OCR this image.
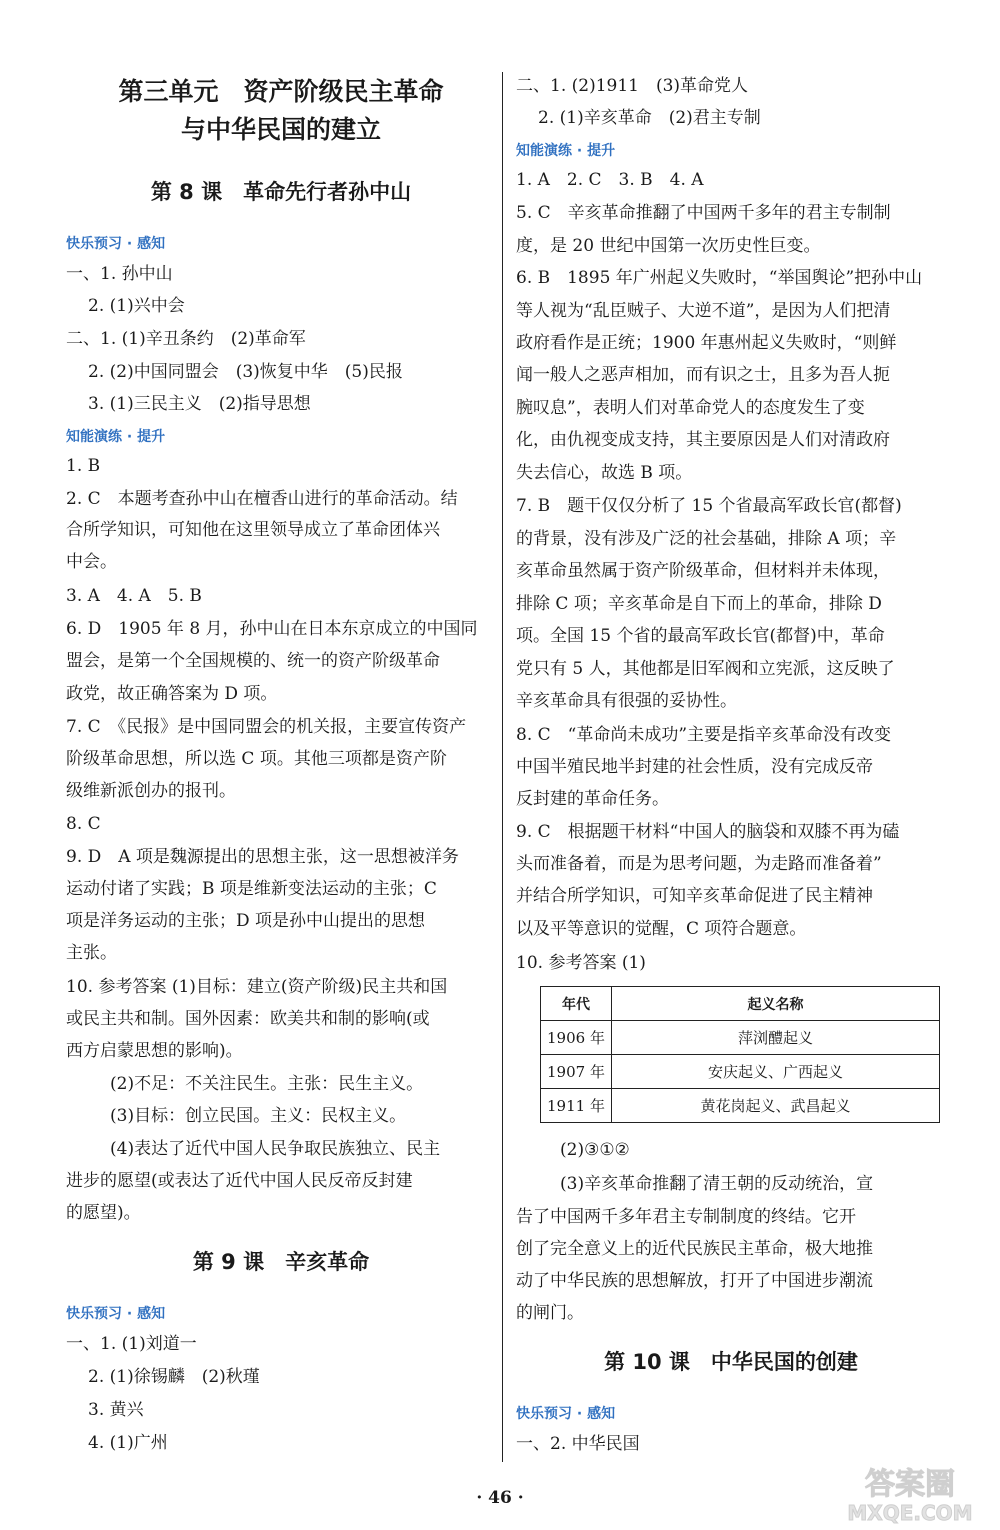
第三单元　资产阶级民主革命
与中华民国的建立
第 8 课　革命先行者孙中山
快乐预习 · 感知
一、1. 孙中山
2. (1)兴中会
二、1. (1)辛丑条约　(2)革命军
2. (2)中国同盟会　(3)恢复中华　(5)民报
3. (1)三民主义　(2)指导思想
知能演练 · 提升
1. B
2. C　本题考查孙中山在檀香山进行的革命活动。结
合所学知识，可知他在这里领导成立了革命团体兴
中会。
3. A　4. A　5. B
6. D　1905 年 8 月，孙中山在日本东京成立的中国同
盟会，是第一个全国规模的、统一的资产阶级革命
政党，故正确答案为 D 项。
7. C　《民报》是中国同盟会的机关报，主要宣传资产
阶级革命思想，所以选 C 项。其他三项都是资产阶
级维新派创办的报刊。
8. C
9. D　A 项是魏源提出的思想主张，这一思想被洋务
运动付诸了实践；B 项是维新变法运动的主张；C
项是洋务运动的主张；D 项是孙中山提出的思想
主张。
10. 参考答案 (1)目标：建立(资产阶级)民主共和国
或民主共和制。国外因素：欧美共和制的影响(或
西方启蒙思想的影响)。
(2)不足：不关注民生。主张：民生主义。
(3)目标：创立民国。主义：民权主义。
(4)表达了近代中国人民争取民族独立、民主
进步的愿望(或表达了近代中国人民反帝反封建
的愿望)。
第 9 课　辛亥革命
快乐预习 · 感知
一、1. (1)刘道一
2. (1)徐锡麟　(2)秋瑾
3. 黄兴
4. (1)广州
二、1. (2)1911　(3)革命党人
2. (1)辛亥革命　(2)君主专制
知能演练 · 提升
1. A　2. C　3. B　4. A
5. C　辛亥革命推翻了中国两千多年的君主专制制
度，是 20 世纪中国第一次历史性巨变。
6. B　1895 年广州起义失败时，“举国舆论”把孙中山
等人视为“乱臣贼子、大逆不道”，是因为人们把清
政府看作是正统；1900 年惠州起义失败时，“则鲜
闻一般人之恶声相加，而有识之士，且多为吾人扼
腕叹息”，表明人们对革命党人的态度发生了变
化，由仇视变成支持，其主要原因是人们对清政府
失去信心，故选 B 项。
7. B　题干仅仅分析了 15 个省最高军政长官(都督)
的背景，没有涉及广泛的社会基础，排除 A 项；辛
亥革命虽然属于资产阶级革命，但材料并未体现，
排除 C 项；辛亥革命是自下而上的革命，排除 D
项。全国 15 个省的最高军政长官(都督)中，革命
党只有 5 人，其他都是旧军阀和立宪派，这反映了
辛亥革命具有很强的妥协性。
8. C　“革命尚未成功”主要是指辛亥革命没有改变
中国半殖民地半封建的社会性质，没有完成反帝
反封建的革命任务。
9. C　根据题干材料“中国人的脑袋和双膝不再为磕
头而准备着，而是为思考问题，为走路而准备着”
并结合所学知识，可知辛亥革命促进了民主精神
以及平等意识的觉醒，C 项符合题意。
10. 参考答案 (1)
年代	起义名称
1906 年	萍浏醴起义
1907 年	安庆起义、广西起义
1911 年	黄花岗起义、武昌起义
(2)③①②
(3)辛亥革命推翻了清王朝的反动统治，宣
告了中国两千多年君主专制制度的终结。它开
创了完全意义上的近代民族民主革命，极大地推
动了中华民族的思想解放，打开了中国进步潮流
的闸门。
第 10 课　中华民国的创建
快乐预习 · 感知
一、2. 中华民国
· 46 ·	答案圈
MXQE.COM
